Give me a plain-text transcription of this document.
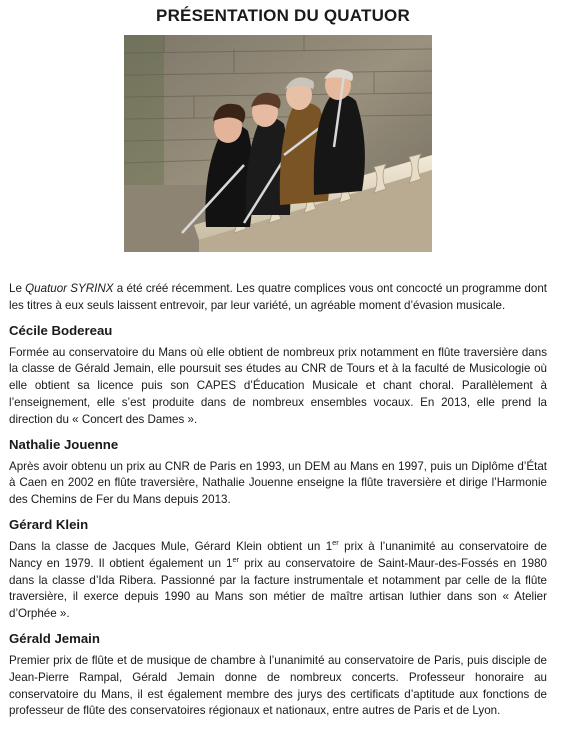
PRÉSENTATION DU QUATUOR

Le Quatuor SYRINX a été créé récemment. Les quatre complices vous ont concocté un programme dont les titres à eux seuls laissent entrevoir, par leur variété, un agréable moment d’évasion musicale.

Cécile Bodereau

Formée au conservatoire du Mans où elle obtient de nombreux prix notamment en flûte traversière dans la classe de Gérald Jemain, elle poursuit ses études au CNR de Tours et à la faculté de Musicologie où elle obtient sa licence puis son CAPES d’Éducation Musicale et chant choral. Parallèlement à l’enseignement, elle s’est produite dans de nombreux ensembles vocaux. En 2013, elle prend la direction du « Concert des Dames ».

Nathalie Jouenne

Après avoir obtenu un prix au CNR de Paris en 1993, un DEM au Mans en 1997, puis un Diplôme d’État à Caen en 2002 en flûte traversière, Nathalie Jouenne enseigne la flûte traversière et dirige l’Harmonie des Chemins de Fer du Mans depuis 2013.

Gérard Klein

Dans la classe de Jacques Mule, Gérard Klein obtient un 1er prix à l’unanimité au conservatoire de Nancy en 1979. Il obtient également un 1er prix au conservatoire de Saint-Maur-des-Fossés en 1980 dans la classe d’Ida Ribera. Passionné par la facture instrumentale et notamment par celle de la flûte traversière, il exerce depuis 1990 au Mans son métier de maître artisan luthier dans son « Atelier d’Orphée ».

Gérald Jemain

Premier prix de flûte et de musique de chambre à l’unanimité au conservatoire de Paris, puis disciple de Jean-Pierre Rampal, Gérald Jemain donne de nombreux concerts. Professeur honoraire au conservatoire du Mans, il est également membre des jurys des certificats d’aptitude aux fonctions de professeur de flûte des conservatoires régionaux et nationaux, entre autres de Paris et de Lyon.
